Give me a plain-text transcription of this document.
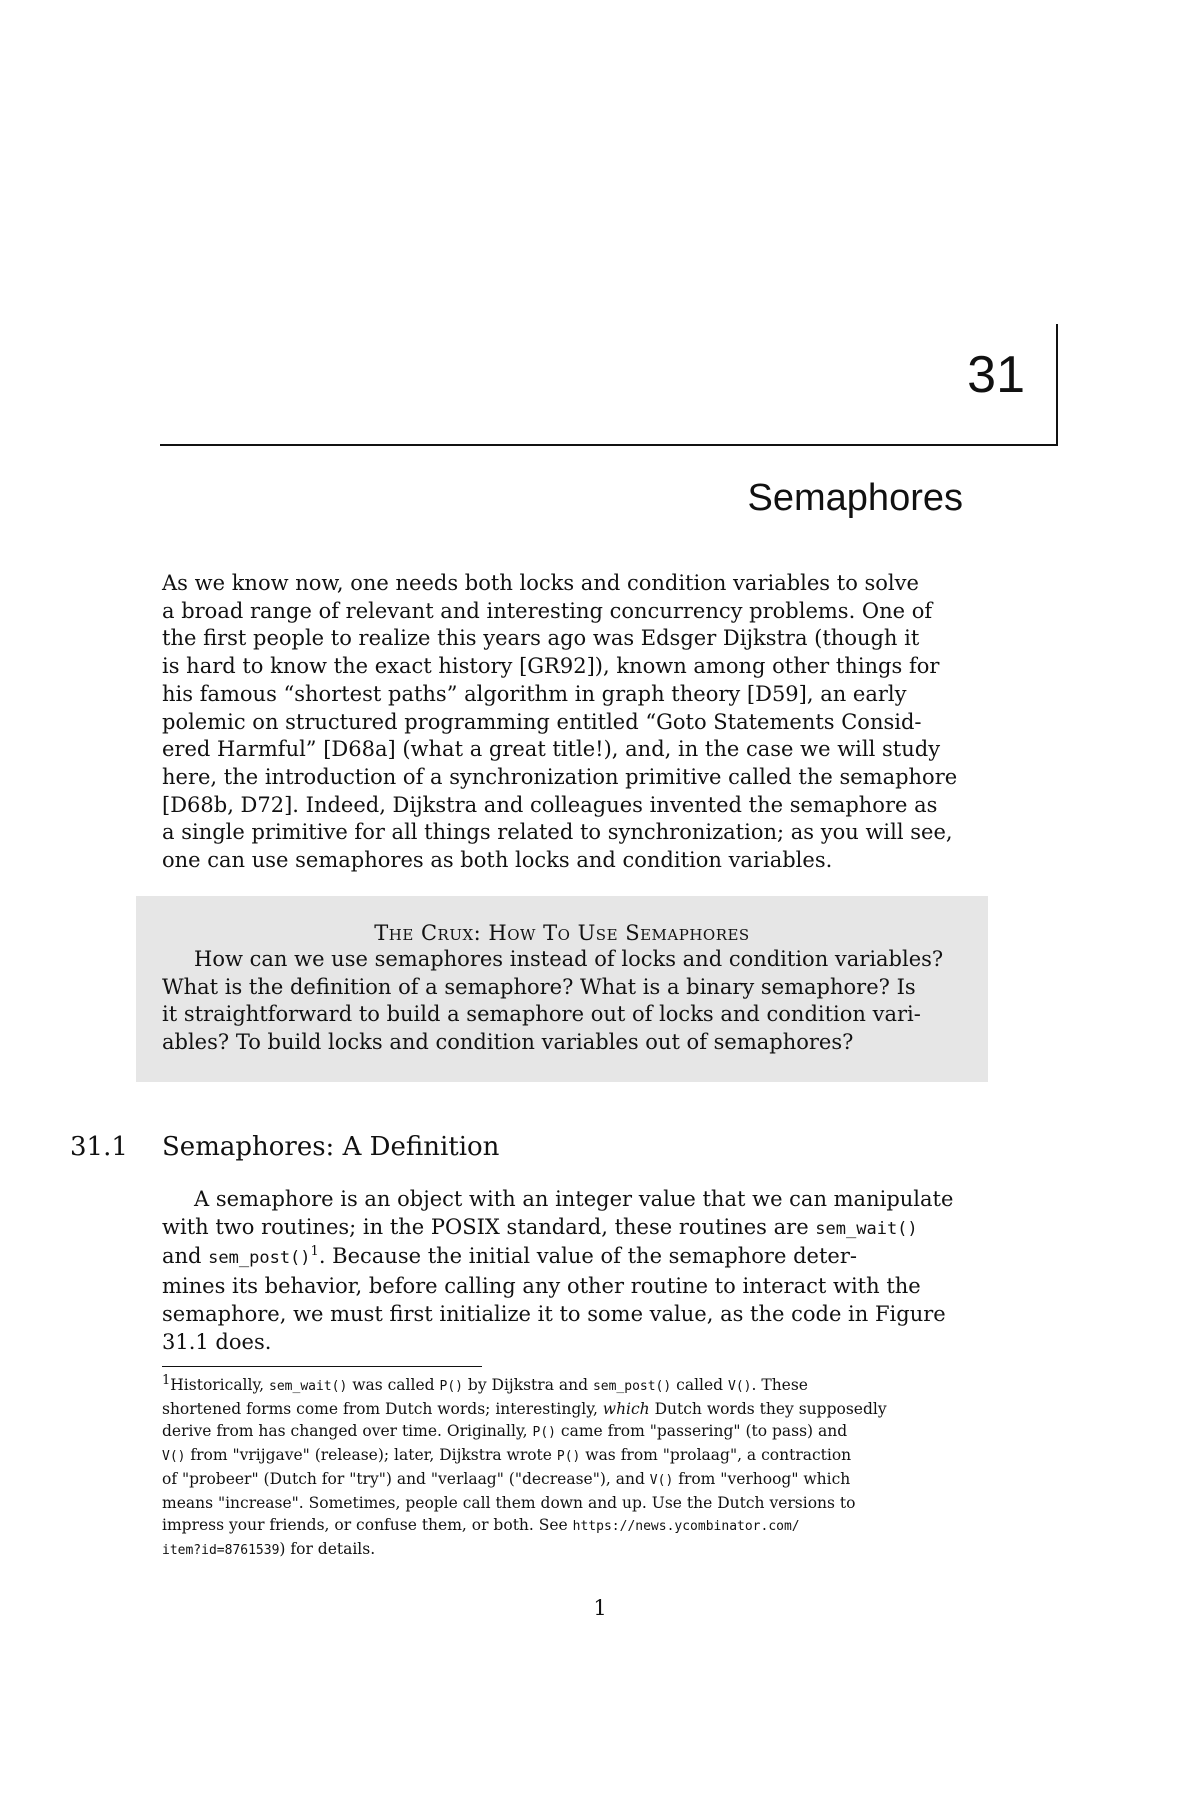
31
Semaphores
As we know now, one needs both locks and condition variables to solve
a broad range of relevant and interesting concurrency problems. One of
the first people to realize this years ago was Edsger Dijkstra (though it
is hard to know the exact history [GR92]), known among other things for
his famous “shortest paths” algorithm in graph theory [D59], an early
polemic on structured programming entitled “Goto Statements Consid-
ered Harmful” [D68a] (what a great title!), and, in the case we will study
here, the introduction of a synchronization primitive called the semaphore
[D68b, D72]. Indeed, Dijkstra and colleagues invented the semaphore as
a single primitive for all things related to synchronization; as you will see,
one can use semaphores as both locks and condition variables.
The Crux: How To Use Semaphores
How can we use semaphores instead of locks and condition variables?
What is the definition of a semaphore? What is a binary semaphore? Is
it straightforward to build a semaphore out of locks and condition vari-
ables? To build locks and condition variables out of semaphores?
31.1 Semaphores: A Definition
A semaphore is an object with an integer value that we can manipulate
with two routines; in the POSIX standard, these routines are sem_wait()
and sem_post()$^1$. Because the initial value of the semaphore deter-
mines its behavior, before calling any other routine to interact with the
semaphore, we must first initialize it to some value, as the code in Figure
31.1 does.
$^1$Historically, sem_wait() was called P() by Dijkstra and sem_post() called V(). These
shortened forms come from Dutch words; interestingly, which Dutch words they supposedly
derive from has changed over time. Originally, P() came from "passering" (to pass) and
V() from "vrijgave" (release); later, Dijkstra wrote P() was from "prolaag", a contraction
of "probeer" (Dutch for "try") and "verlaag" ("decrease"), and V() from "verhoog" which
means "increase". Sometimes, people call them down and up. Use the Dutch versions to
impress your friends, or confuse them, or both. See https://news.ycombinator.com/
item?id=8761539) for details.
1
